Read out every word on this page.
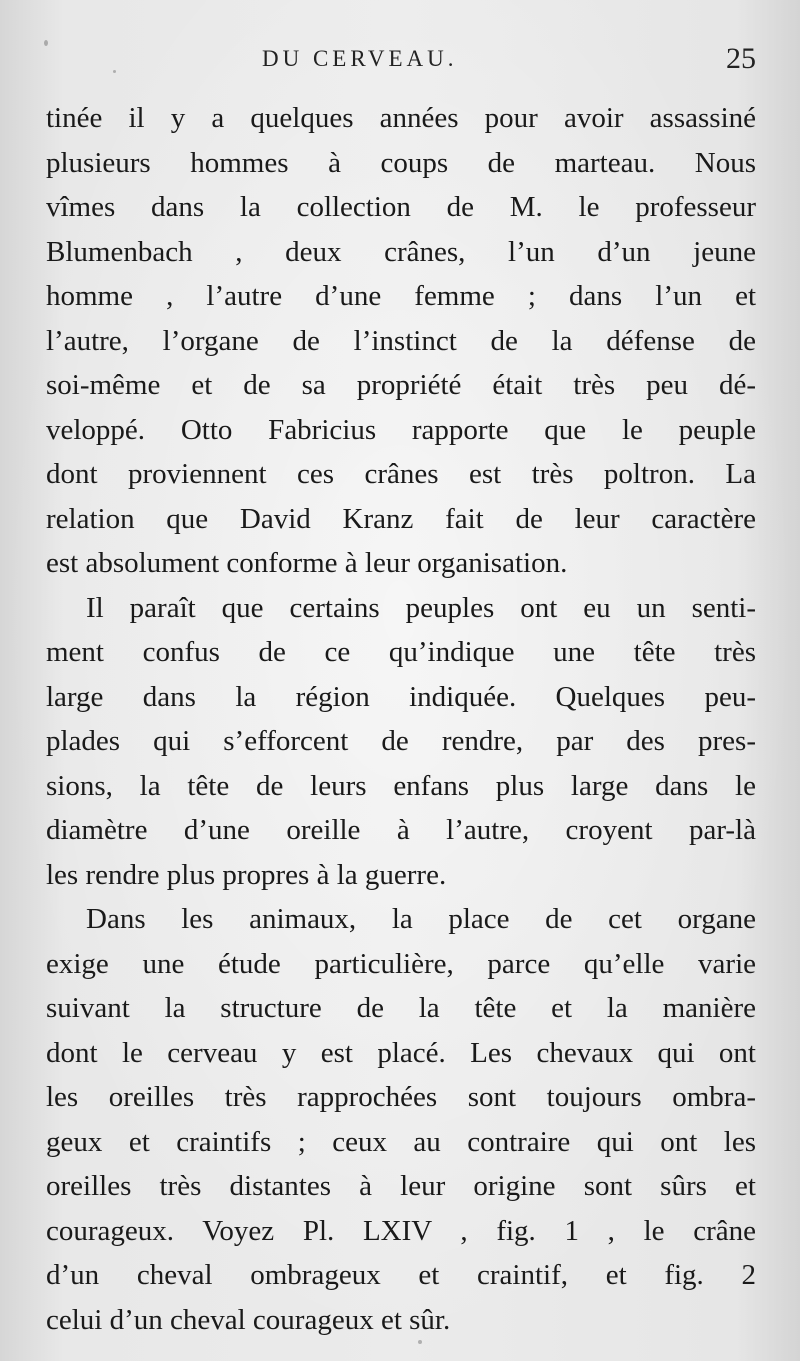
DU CERVEAU.	25
tinée il y a quelques années pour avoir assassiné
plusieurs hommes à coups de marteau. Nous
vîmes dans la collection de M. le professeur
Blumenbach , deux crânes, l’un d’un jeune
homme , l’autre d’une femme ; dans l’un et
l’autre, l’organe de l’instinct de la défense de
soi-même et de sa propriété était très peu dé-
veloppé. Otto Fabricius rapporte que le peuple
dont proviennent ces crânes est très poltron. La
relation que David Kranz fait de leur caractère
est absolument conforme à leur organisation.
Il paraît que certains peuples ont eu un senti-
ment confus de ce qu’indique une tête très
large dans la région indiquée. Quelques peu-
plades qui s’efforcent de rendre, par des pres-
sions, la tête de leurs enfans plus large dans le
diamètre d’une oreille à l’autre, croyent par-là
les rendre plus propres à la guerre.
Dans les animaux, la place de cet organe
exige une étude particulière, parce qu’elle varie
suivant la structure de la tête et la manière
dont le cerveau y est placé. Les chevaux qui ont
les oreilles très rapprochées sont toujours ombra-
geux et craintifs ; ceux au contraire qui ont les
oreilles très distantes à leur origine sont sûrs et
courageux. Voyez Pl. LXIV , fig. 1 , le crâne
d’un cheval ombrageux et craintif, et fig. 2
celui d’un cheval courageux et sûr.
